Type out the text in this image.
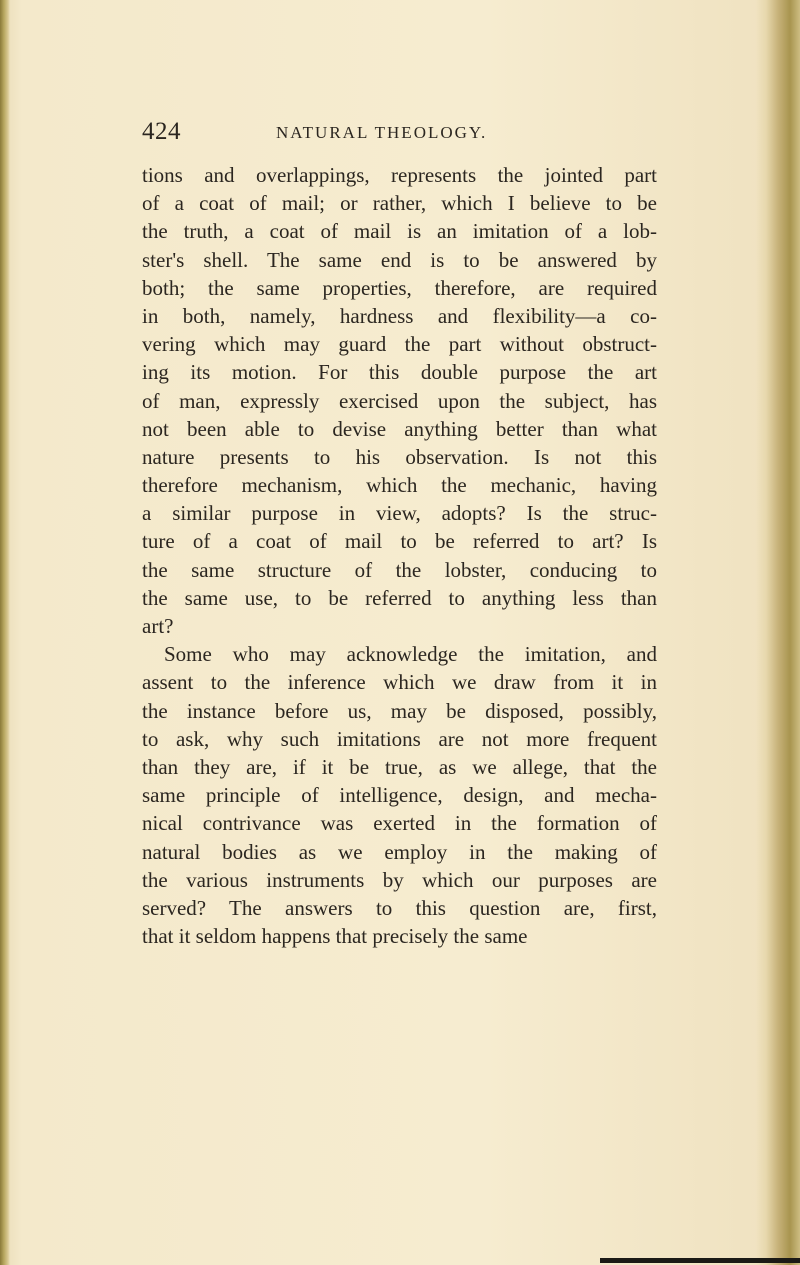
424	NATURAL THEOLOGY.
tions and overlappings, represents the jointed part
of a coat of mail; or rather, which I believe to be
the truth, a coat of mail is an imitation of a lob-
ster's shell. The same end is to be answered by
both; the same properties, therefore, are required
in both, namely, hardness and flexibility—a co-
vering which may guard the part without obstruct-
ing its motion. For this double purpose the art
of man, expressly exercised upon the subject, has
not been able to devise anything better than what
nature presents to his observation. Is not this
therefore mechanism, which the mechanic, having
a similar purpose in view, adopts? Is the struc-
ture of a coat of mail to be referred to art? Is
the same structure of the lobster, conducing to
the same use, to be referred to anything less than
art?
Some who may acknowledge the imitation, and
assent to the inference which we draw from it in
the instance before us, may be disposed, possibly,
to ask, why such imitations are not more frequent
than they are, if it be true, as we allege, that the
same principle of intelligence, design, and mecha-
nical contrivance was exerted in the formation of
natural bodies as we employ in the making of
the various instruments by which our purposes are
served? The answers to this question are, first,
that it seldom happens that precisely the same
